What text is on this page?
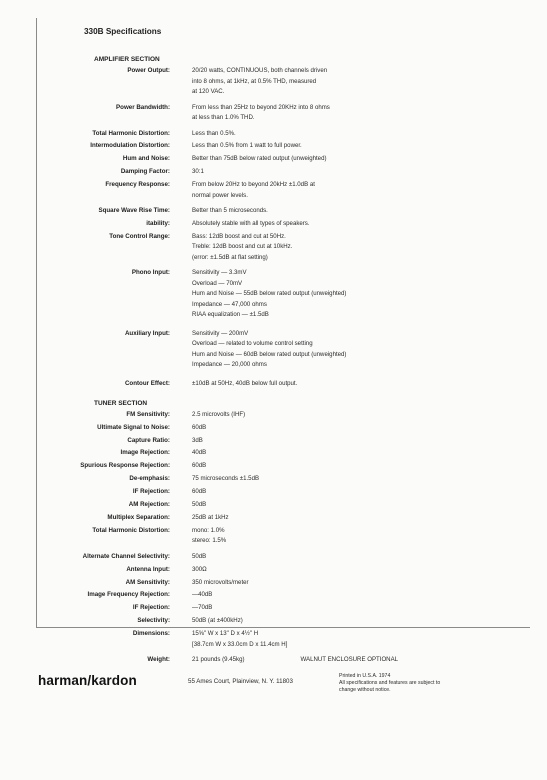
330B Specifications
AMPLIFIER SECTION
Power Output:	20/20 watts, CONTINUOUS, both channels driven
into 8 ohms, at 1kHz, at 0.5% THD, measured
at 120 VAC.
Power Bandwidth:	From less than 25Hz to beyond 20KHz into 8 ohms
at less than 1.0% THD.
Total Harmonic Distortion:	Less than 0.5%.
Intermodulation Distortion:	Less than 0.5% from 1 watt to full power.
Hum and Noise:	Better than 75dB below rated output (unweighted)
Damping Factor:	30:1
Frequency Response:	From below 20Hz to beyond 20kHz ±1.0dB at
normal power levels.
Square Wave Rise Time:	Better than 5 microseconds.
itability:	Absolutely stable with all types of speakers.
Tone Control Range:	Bass: 12dB boost and cut at 50Hz.
Treble: 12dB boost and cut at 10kHz.
(error: ±1.5dB at flat setting)
Phono Input:	Sensitivity — 3.3mV
Overload — 70mV
Hum and Noise — 55dB below rated output (unweighted)
Impedance — 47,000 ohms
RIAA equalization — ±1.5dB
Auxiliary Input:	Sensitivity — 200mV
Overload — related to volume control setting
Hum and Noise — 60dB below rated output (unweighted)
Impedance — 20,000 ohms
Contour Effect:	±10dB at 50Hz, 40dB below full output.
TUNER SECTION
FM Sensitivity:	2.5 microvolts (IHF)
Ultimate Signal to Noise:	60dB
Capture Ratio:	3dB
Image Rejection:	40dB
Spurious Response Rejection:	60dB
De-emphasis:	75 microseconds ±1.5dB
IF Rejection:	60dB
AM Rejection:	50dB
Multiplex Separation:	25dB at 1kHz
Total Harmonic Distortion:	mono: 1.0%
stereo: 1.5%
Alternate Channel Selectivity:	50dB
Antenna Input:	300Ω
AM Sensitivity:	350 microvolts/meter
Image Frequency Rejection:	—40dB
IF Rejection:	—70dB
Selectivity:	50dB (at ±400kHz)
Dimensions:	15⅝" W x 13" D x 4½" H
[38.7cm W x 33.0cm D x 11.4cm H]
Weight:	21 pounds (9.45kg)	WALNUT ENCLOSURE OPTIONAL
harman/kardon	55 Ames Court, Plainview, N. Y. 11803
Printed in U.S.A. 1974
All specifications and features are subject to
change without notice.
